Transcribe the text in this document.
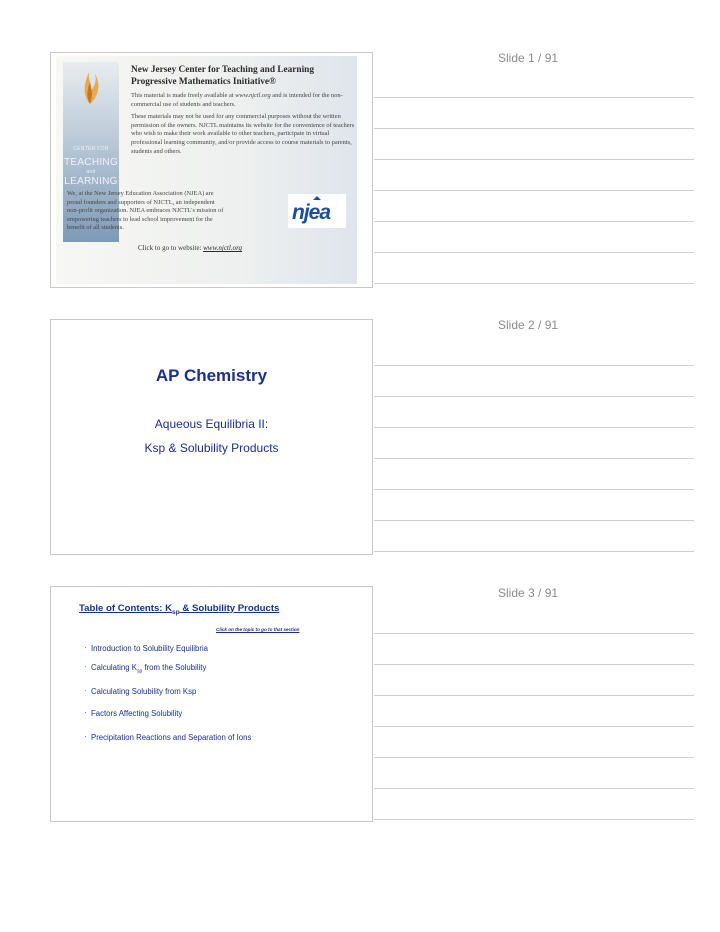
CENTER FOR
TEACHING
and
LEARNING
New Jersey Center for Teaching and Learning
Progressive Mathematics Initiative®
This material is made freely available at www.njctl.org and is intended for the non-commercial use of students and teachers.
These materials may not be used for any commercial purposes without the written permission of the owners. NJCTL maintains its website for the convenience of teachers who wish to make their work available to other teachers, participate in virtual professional learning community, and/or provide access to course materials to parents, students and others.
We, at the New Jersey Education Association (NJEA) are proud founders and supporters of NJCTL, an independent non-profit organization. NJEA embraces NJCTL's mission of empowering teachers to lead school improvement for the benefit of all students.
njea
Click to go to website: www.njctl.org
Slide 1 / 91
AP Chemistry
Aqueous Equilibria II:
Ksp & Solubility Products
Slide 2 / 91
Table of Contents: $K_{sp}$ & Solubility Products
Click on the topic to go to that section
· Introduction to Solubility Equilibria
· Calculating $K_{sp}$ from the Solubility
· Calculating Solubility from Ksp
· Factors Affecting Solubility
· Precipitation Reactions and Separation of Ions
Slide 3 / 91
